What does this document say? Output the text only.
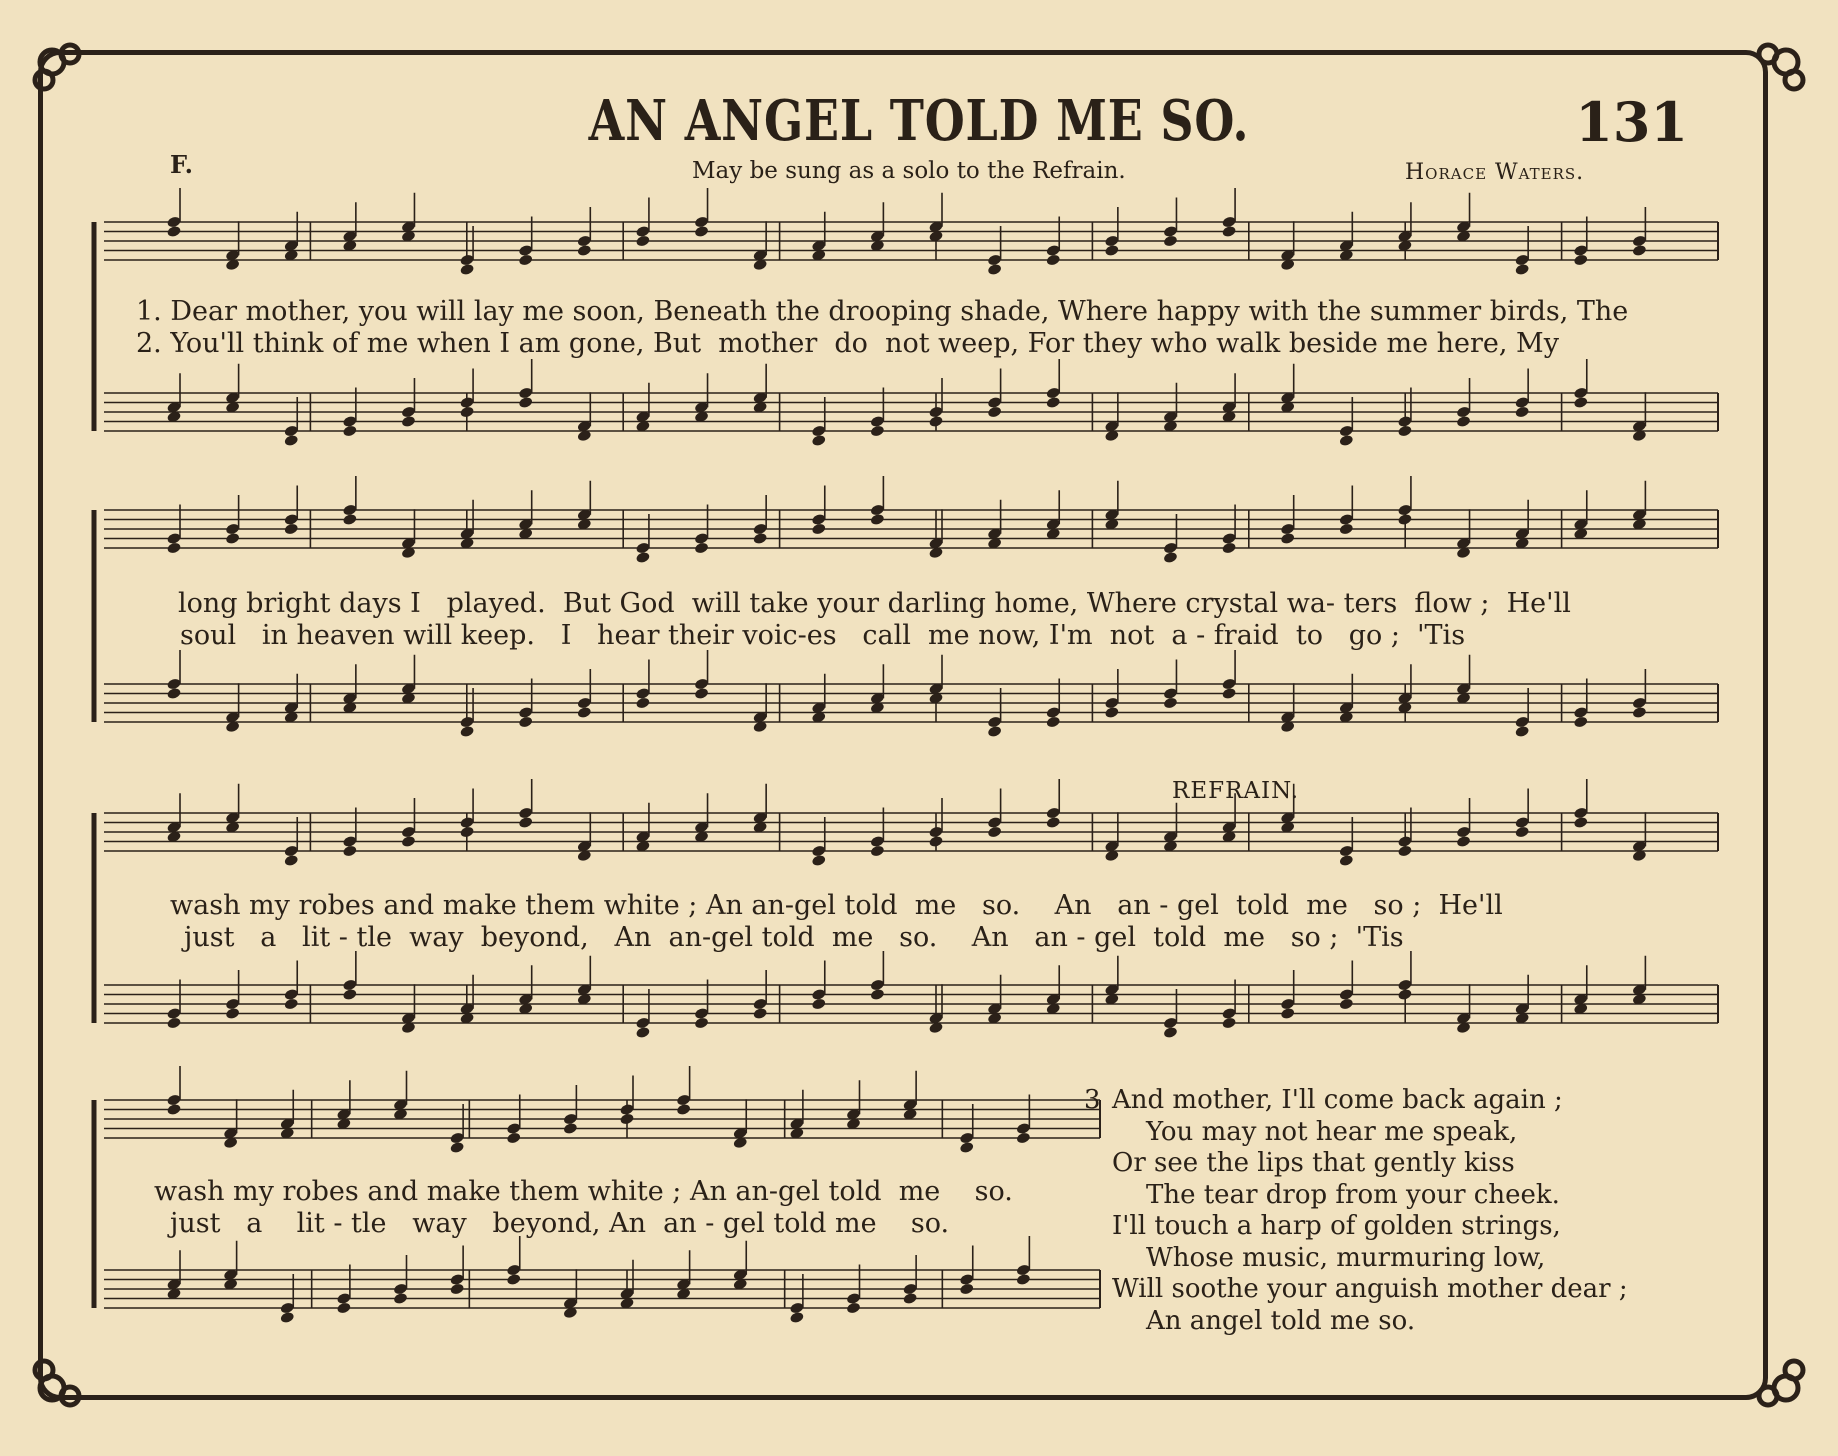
AN ANGEL TOLD ME SO.	131
F.	May be sung as a solo to the Refrain.	Horace Waters.
REFRAIN.
1. Dear mother, you will lay me soon, Beneath the drooping shade, Where happy with the summer birds, The
2. You'll think of me when I am gone, But  mother  do  not weep, For they who walk beside me here, My
long bright days I   played.  But God  will take your darling home, Where crystal wa- ters  flow ;  He'll
soul   in heaven will keep.   I   hear their voic-es   call  me now, I'm  not  a - fraid  to   go ;  'Tis
wash my robes and make them white ; An an-gel told  me   so.    An   an - gel  told  me   so ;  He'll
just   a   lit - tle  way  beyond,   An  an-gel told  me   so.    An   an - gel  told  me   so ;  'Tis
wash my robes and make them white ; An an-gel told  me    so.
just   a    lit - tle   way   beyond, An  an - gel told me    so.
3 And mother, I'll come back again ;
You may not hear me speak,
Or see the lips that gently kiss
The tear drop from your cheek.
I'll touch a harp of golden strings,
Whose music, murmuring low,
Will soothe your anguish mother dear ;
An angel told me so.
